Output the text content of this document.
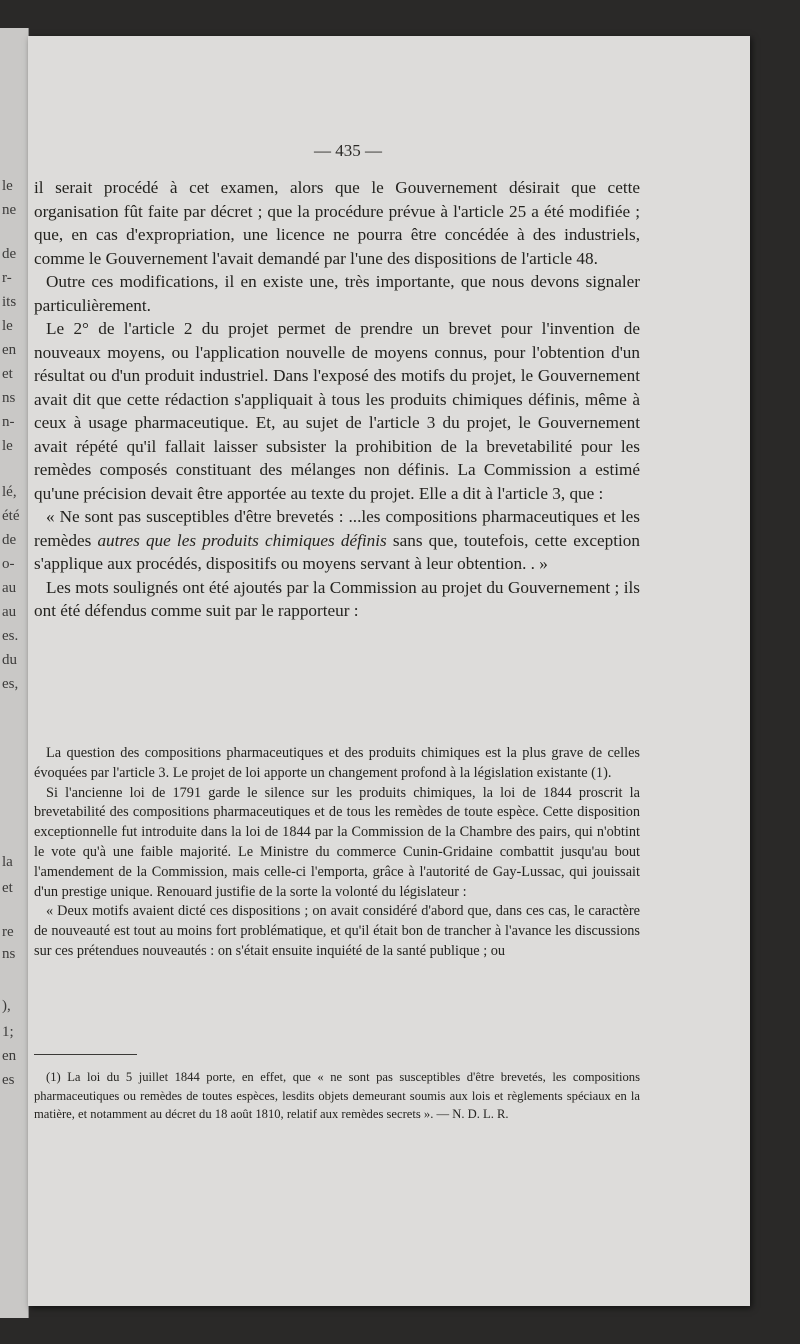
le
ne
de
r-
its
le
en
et
ns
n-
le
lé,
été
de
o-
au
au
es.
du
es,
la
et
re
ns
),
1;
en
es
— 435 —

il serait procédé à cet examen, alors que le Gouvernement désirait que cette organisation fût faite par décret ; que la procédure prévue à l'article 25 a été modifiée ; que, en cas d'expropriation, une licence ne pourra être concédée à des industriels, comme le Gouvernement l'avait demandé par l'une des dispositions de l'article 48.

Outre ces modifications, il en existe une, très importante, que nous devons signaler particulièrement.

Le 2° de l'article 2 du projet permet de prendre un brevet pour l'invention de nouveaux moyens, ou l'application nouvelle de moyens connus, pour l'obtention d'un résultat ou d'un produit industriel. Dans l'exposé des motifs du projet, le Gouvernement avait dit que cette rédaction s'appliquait à tous les produits chimiques définis, même à ceux à usage pharmaceutique. Et, au sujet de l'article 3 du projet, le Gouvernement avait répété qu'il fallait laisser subsister la prohibition de la brevetabilité pour les remèdes composés constituant des mélanges non définis. La Commission a estimé qu'une précision devait être apportée au texte du projet. Elle a dit à l'article 3, que :

« Ne sont pas susceptibles d'être brevetés : ...les compositions pharmaceutiques et les remèdes autres que les produits chimiques définis sans que, toutefois, cette exception s'applique aux procédés, dispositifs ou moyens servant à leur obtention. . »

Les mots soulignés ont été ajoutés par la Commission au projet du Gouvernement ; ils ont été défendus comme suit par le rapporteur :

La question des compositions pharmaceutiques et des produits chimiques est la plus grave de celles évoquées par l'article 3. Le projet de loi apporte un changement profond à la législation existante (1).

Si l'ancienne loi de 1791 garde le silence sur les produits chimiques, la loi de 1844 proscrit la brevetabilité des compositions pharmaceutiques et de tous les remèdes de toute espèce. Cette disposition exceptionnelle fut introduite dans la loi de 1844 par la Commission de la Chambre des pairs, qui n'obtint le vote qu'à une faible majorité. Le Ministre du commerce Cunin-Gridaine combattit jusqu'au bout l'amendement de la Commission, mais celle-ci l'emporta, grâce à l'autorité de Gay-Lussac, qui jouissait d'un prestige unique. Renouard justifie de la sorte la volonté du législateur :

« Deux motifs avaient dicté ces dispositions ; on avait considéré d'abord que, dans ces cas, le caractère de nouveauté est tout au moins fort problématique, et qu'il était bon de trancher à l'avance les discussions sur ces prétendues nouveautés : on s'était ensuite inquiété de la santé publique ; ou

(1) La loi du 5 juillet 1844 porte, en effet, que « ne sont pas susceptibles d'être brevetés, les compositions pharmaceutiques ou remèdes de toutes espèces, lesdits objets demeurant soumis aux lois et règlements spéciaux en la matière, et notamment au décret du 18 août 1810, relatif aux remèdes secrets ». — N. D. L. R.
